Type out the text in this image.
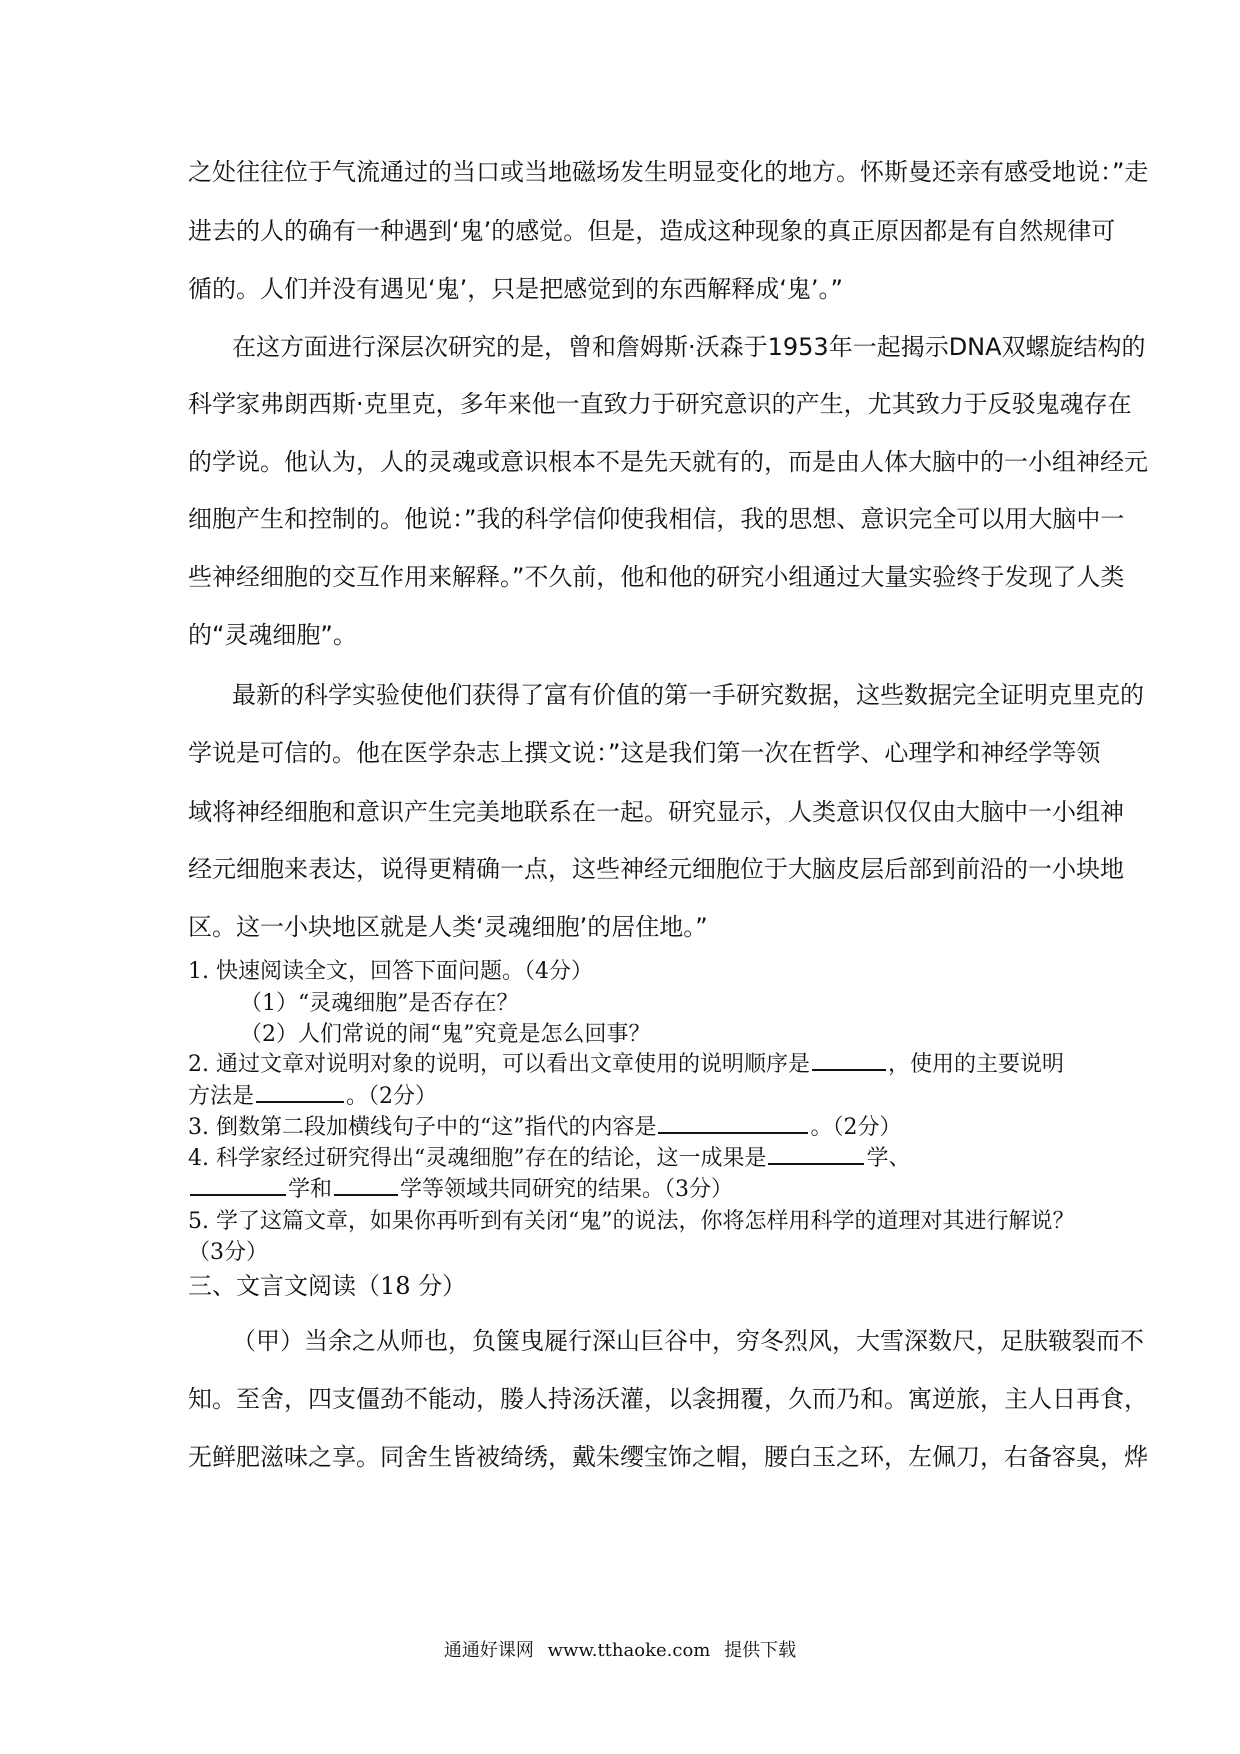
之处往往位于气流通过的当口或当地磁场发生明显变化的地方。怀斯曼还亲有感受地说：”走
进去的人的确有一种遇到‘鬼’的感觉。但是，造成这种现象的真正原因都是有自然规律可
循的。人们并没有遇见‘鬼’，只是把感觉到的东西解释成‘鬼’。”
在这方面进行深层次研究的是，曾和詹姆斯·沃森于1953年一起揭示DNA双螺旋结构的
科学家弗朗西斯·克里克，多年来他一直致力于研究意识的产生，尤其致力于反驳鬼魂存在
的学说。他认为，人的灵魂或意识根本不是先天就有的，而是由人体大脑中的一小组神经元
细胞产生和控制的。他说：”我的科学信仰使我相信，我的思想、意识完全可以用大脑中一
些神经细胞的交互作用来解释。”不久前，他和他的研究小组通过大量实验终于发现了人类
的“灵魂细胞”。
最新的科学实验使他们获得了富有价值的第一手研究数据，这些数据完全证明克里克的
学说是可信的。他在医学杂志上撰文说：”这是我们第一次在哲学、心理学和神经学等领
域将神经细胞和意识产生完美地联系在一起。研究显示，人类意识仅仅由大脑中一小组神
经元细胞来表达，说得更精确一点，这些神经元细胞位于大脑皮层后部到前沿的一小块地
区。这一小块地区就是人类‘灵魂细胞’的居住地。”
1. 快速阅读全文，回答下面问题。（4分）
（1）“灵魂细胞”是否存在？
（2）人们常说的闹“鬼”究竟是怎么回事？
2. 通过文章对说明对象的说明，可以看出文章使用的说明顺序是	，使用的主要说明
方法是	。（2分）
3. 倒数第二段加横线句子中的“这”指代的内容是	。（2分）
4. 科学家经过研究得出“灵魂细胞”存在的结论，这一成果是	学、
学和	学等领域共同研究的结果。（3分）
5. 学了这篇文章，如果你再听到有关闭“鬼”的说法，你将怎样用科学的道理对其进行解说？
（3分）
三、文言文阅读（18 分）
（甲）当余之从师也，负箧曳屣行深山巨谷中，穷冬烈风，大雪深数尺，足肤皲裂而不
知。至舍，四支僵劲不能动，媵人持汤沃灌，以衾拥覆，久而乃和。寓逆旅，主人日再食，
无鲜肥滋味之享。同舍生皆被绮绣，戴朱缨宝饰之帽，腰白玉之环，左佩刀，右备容臭，烨
通通好课网 www.tthaoke.com 提供下载
